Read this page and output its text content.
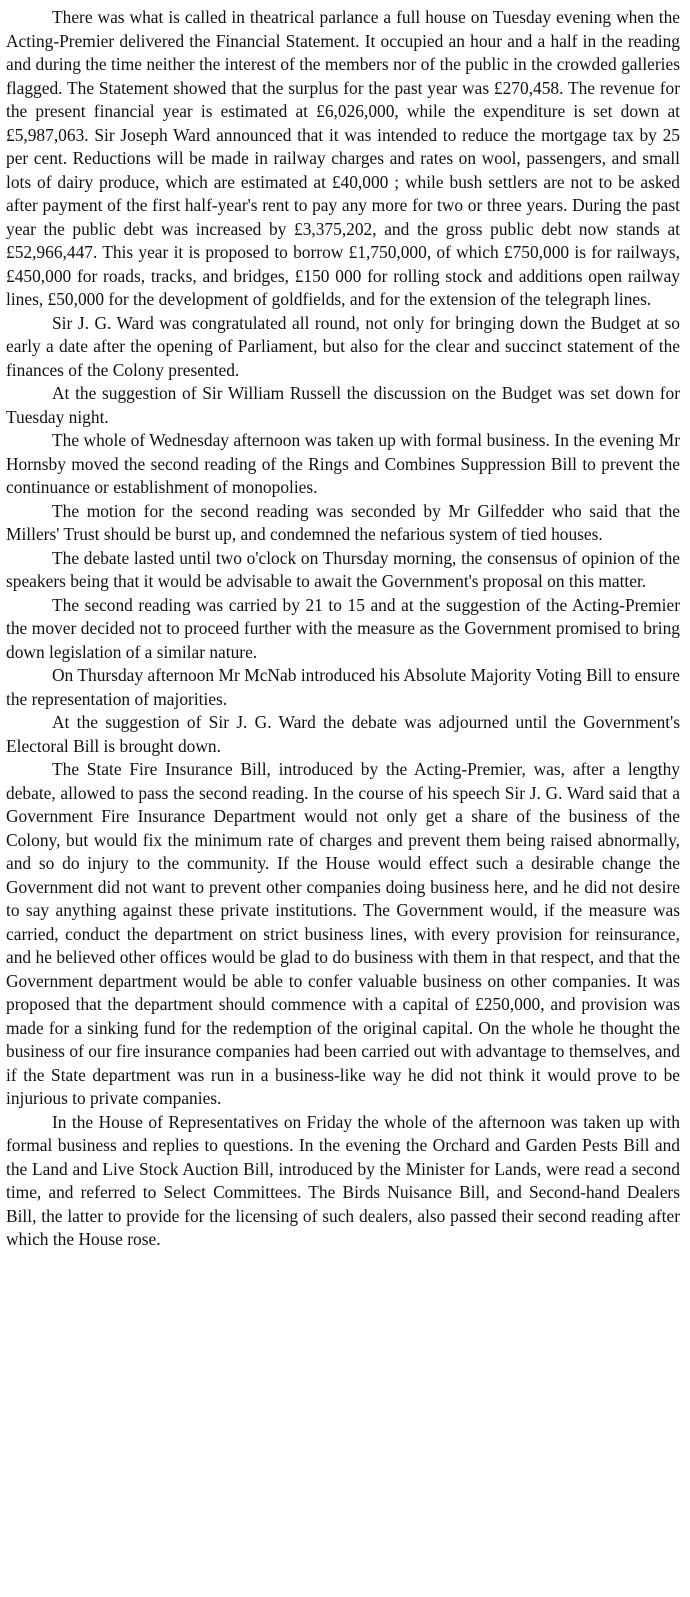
There was what is called in theatrical parlance a full house on Tuesday evening when the Acting-Premier delivered the Financial Statement. It occupied an hour and a half in the reading and during the time neither the interest of the members nor of the public in the crowded galleries flagged. The Statement showed that the surplus for the past year was £270,458. The revenue for the present financial year is estimated at £6,026,000, while the expenditure is set down at £5,987,063. Sir Joseph Ward announced that it was intended to reduce the mortgage tax by 25 per cent. Reductions will be made in railway charges and rates on wool, passengers, and small lots of dairy produce, which are estimated at £40,000 ; while bush settlers are not to be asked after payment of the first half-year's rent to pay any more for two or three years. During the past year the public debt was increased by £3,375,202, and the gross public debt now stands at £52,966,447. This year it is proposed to borrow £1,750,000, of which £750,000 is for railways, £450,000 for roads, tracks, and bridges, £150 000 for rolling stock and additions open railway lines, £50,000 for the development of goldfields, and for the extension of the telegraph lines.

Sir J. G. Ward was congratulated all round, not only for bringing down the Budget at so early a date after the opening of Parliament, but also for the clear and succinct statement of the finances of the Colony presented.

At the suggestion of Sir William Russell the discussion on the Budget was set down for Tuesday night.

The whole of Wednesday afternoon was taken up with formal business. In the evening Mr Hornsby moved the second reading of the Rings and Combines Suppression Bill to prevent the continuance or establishment of monopolies.

The motion for the second reading was seconded by Mr Gilfedder who said that the Millers' Trust should be burst up, and condemned the nefarious system of tied houses.

The debate lasted until two o'clock on Thursday morning, the consensus of opinion of the speakers being that it would be advisable to await the Government's proposal on this matter.

The second reading was carried by 21 to 15 and at the suggestion of the Acting-Premier the mover decided not to proceed further with the measure as the Government promised to bring down legislation of a similar nature.

On Thursday afternoon Mr McNab introduced his Absolute Majority Voting Bill to ensure the representation of majorities.

At the suggestion of Sir J. G. Ward the debate was adjourned until the Government's Electoral Bill is brought down.

The State Fire Insurance Bill, introduced by the Acting-Premier, was, after a lengthy debate, allowed to pass the second reading. In the course of his speech Sir J. G. Ward said that a Government Fire Insurance Department would not only get a share of the business of the Colony, but would fix the minimum rate of charges and prevent them being raised abnormally, and so do injury to the community. If the House would effect such a desirable change the Government did not want to prevent other companies doing business here, and he did not desire to say anything against these private institutions. The Government would, if the measure was carried, conduct the department on strict business lines, with every provision for reinsurance, and he believed other offices would be glad to do business with them in that respect, and that the Government department would be able to confer valuable business on other companies. It was proposed that the department should commence with a capital of £250,000, and provision was made for a sinking fund for the redemption of the original capital. On the whole he thought the business of our fire insurance companies had been carried out with advantage to themselves, and if the State department was run in a business-like way he did not think it would prove to be injurious to private companies.

In the House of Representatives on Friday the whole of the afternoon was taken up with formal business and replies to questions. In the evening the Orchard and Garden Pests Bill and the Land and Live Stock Auction Bill, introduced by the Minister for Lands, were read a second time, and referred to Select Committees. The Birds Nuisance Bill, and Second-hand Dealers Bill, the latter to provide for the licensing of such dealers, also passed their second reading after which the House rose.
